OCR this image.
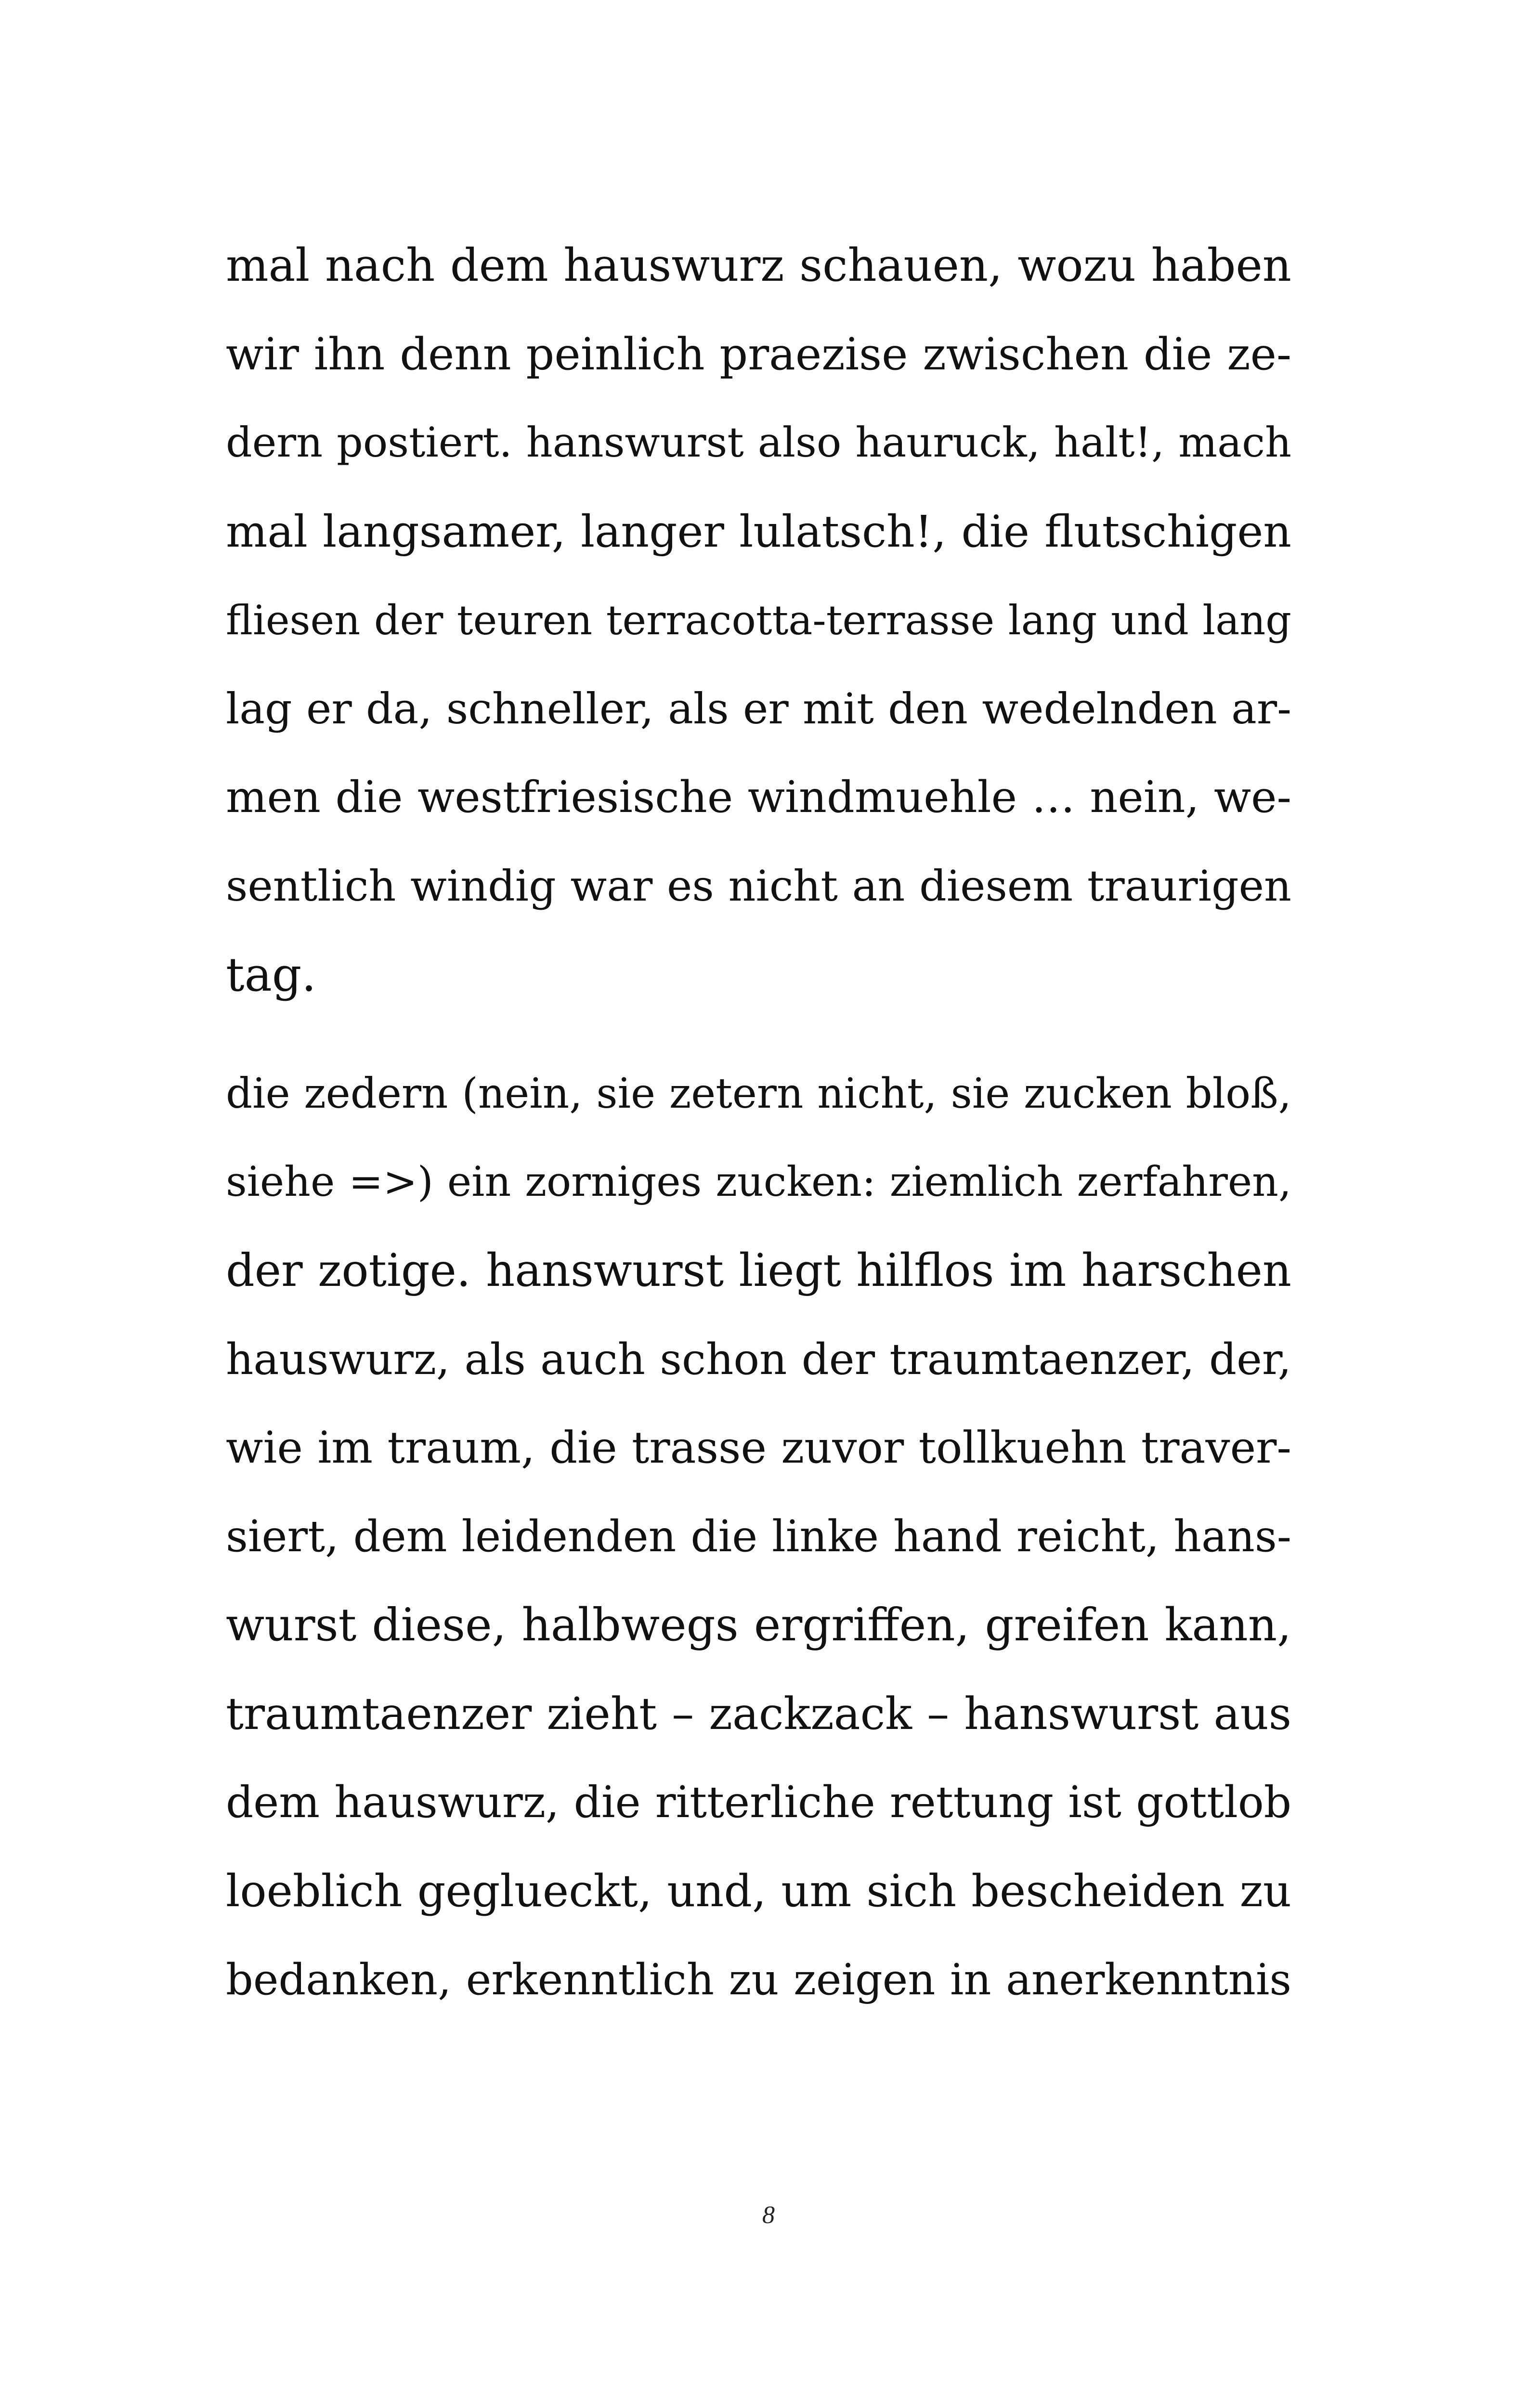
mal nach dem hauswurz schauen, wozu haben
wir ihn denn peinlich praezise zwischen die ze-
dern postiert. hanswurst also hauruck, halt!, mach
mal langsamer, langer lulatsch!, die flutschigen
fliesen der teuren terracotta-terrasse lang und lang
lag er da, schneller, als er mit den wedelnden ar-
men die westfriesische windmuehle … nein, we-
sentlich windig war es nicht an diesem traurigen
tag.
die zedern (nein, sie zetern nicht, sie zucken bloß,
siehe =>) ein zorniges zucken: ziemlich zerfahren,
der zotige. hanswurst liegt hilflos im harschen
hauswurz, als auch schon der traumtaenzer, der,
wie im traum, die trasse zuvor tollkuehn traver-
siert, dem leidenden die linke hand reicht, hans-
wurst diese, halbwegs ergriffen, greifen kann,
traumtaenzer zieht – zackzack – hanswurst aus
dem hauswurz, die ritterliche rettung ist gottlob
loeblich geglueckt, und, um sich bescheiden zu
bedanken, erkenntlich zu zeigen in anerkenntnis
8
